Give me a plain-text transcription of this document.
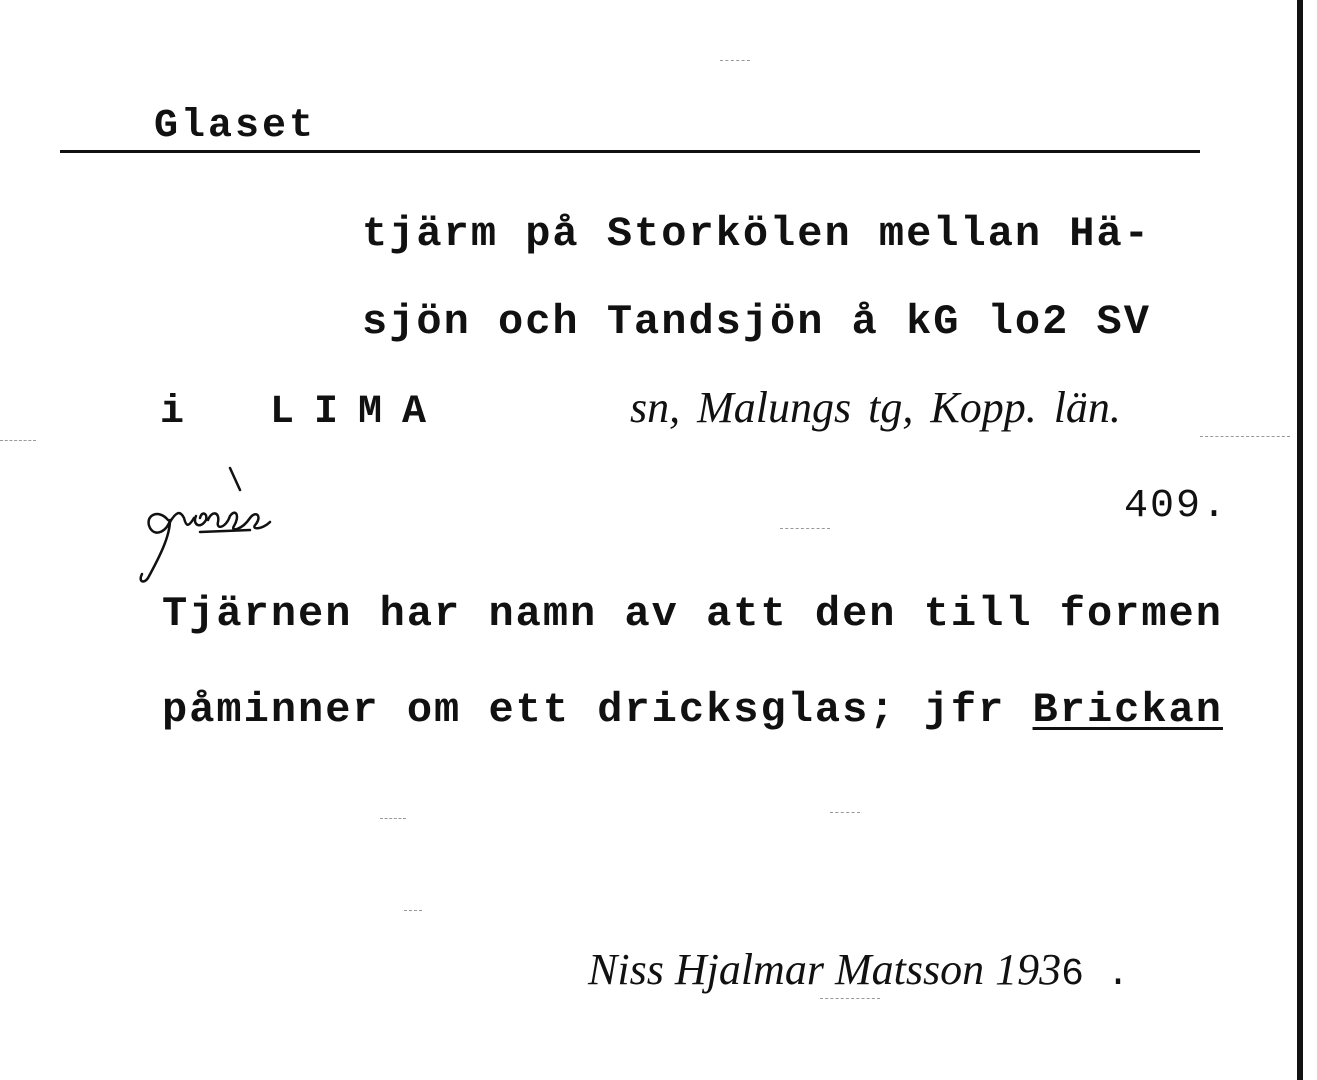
Glaset
tjärm på Storkölen mellan Hä-
sjön och Tandsjön å kG lo2 SV
i LIMA	sn, Malungs tg, Kopp. län.
409.
Tjärnen har namn av att den till formen
påminner om ett dricksglas; jfr Brickan
Niss Hjalmar Matsson 1936 .
